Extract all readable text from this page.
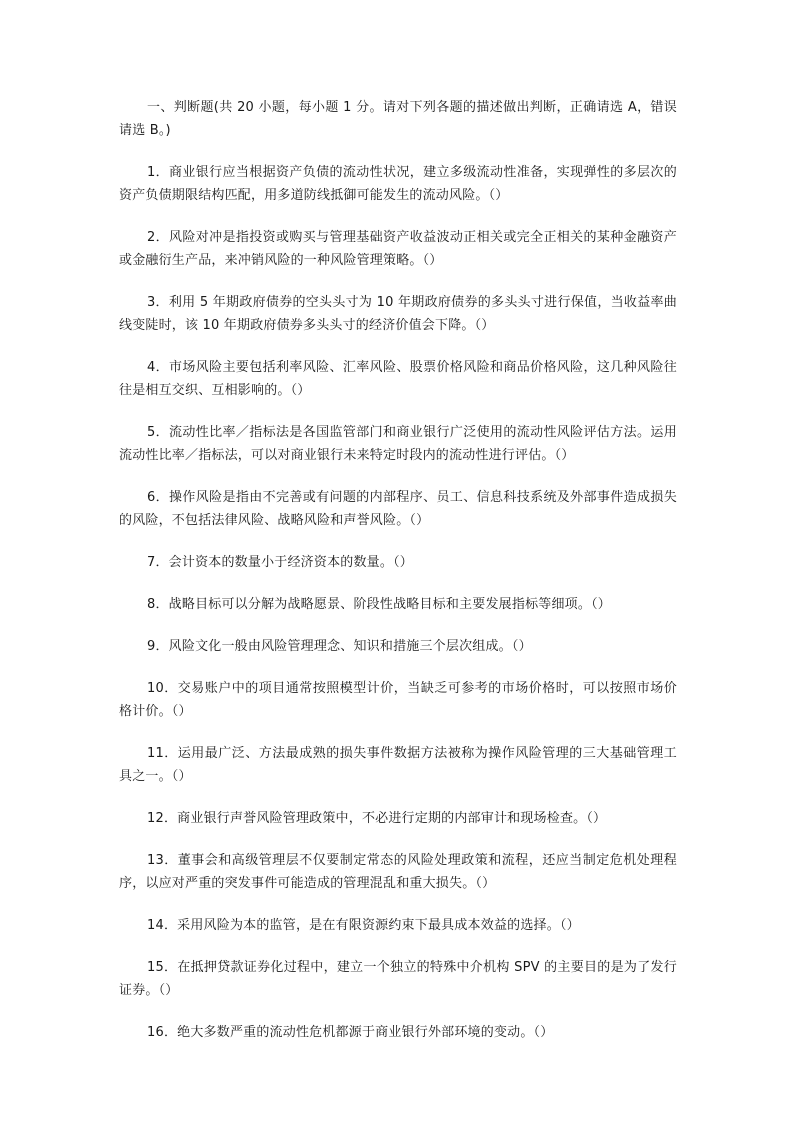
一、判断题(共 20 小题，每小题 1 分。请对下列各题的描述做出判断，正确请选 A，错误请选 B。)

1．商业银行应当根据资产负债的流动性状况，建立多级流动性准备，实现弹性的多层次的资产负债期限结构匹配，用多道防线抵御可能发生的流动风险。（）

2．风险对冲是指投资或购买与管理基础资产收益波动正相关或完全正相关的某种金融资产或金融衍生产品，来冲销风险的一种风险管理策略。（）

3．利用 5 年期政府债券的空头头寸为 10 年期政府债券的多头头寸进行保值，当收益率曲线变陡时，该 10 年期政府债券多头头寸的经济价值会下降。（）

4．市场风险主要包括利率风险、汇率风险、股票价格风险和商品价格风险，这几种风险往往是相互交织、互相影响的。（）

5．流动性比率／指标法是各国监管部门和商业银行广泛使用的流动性风险评估方法。运用流动性比率／指标法，可以对商业银行未来特定时段内的流动性进行评估。（）

6．操作风险是指由不完善或有问题的内部程序、员工、信息科技系统及外部事件造成损失的风险，不包括法律风险、战略风险和声誉风险。（）

7．会计资本的数量小于经济资本的数量。（）

8．战略目标可以分解为战略愿景、阶段性战略目标和主要发展指标等细项。（）

9．风险文化一般由风险管理理念、知识和措施三个层次组成。（）

10．交易账户中的项目通常按照模型计价，当缺乏可参考的市场价格时，可以按照市场价格计价。（）

11．运用最广泛、方法最成熟的损失事件数据方法被称为操作风险管理的三大基础管理工具之一。（）

12．商业银行声誉风险管理政策中，不必进行定期的内部审计和现场检查。（）

13．董事会和高级管理层不仅要制定常态的风险处理政策和流程，还应当制定危机处理程序，以应对严重的突发事件可能造成的管理混乱和重大损失。（）

14．采用风险为本的监管，是在有限资源约束下最具成本效益的选择。（）

15．在抵押贷款证券化过程中，建立一个独立的特殊中介机构 SPV 的主要目的是为了发行证券。（）

16．绝大多数严重的流动性危机都源于商业银行外部环境的变动。（）
